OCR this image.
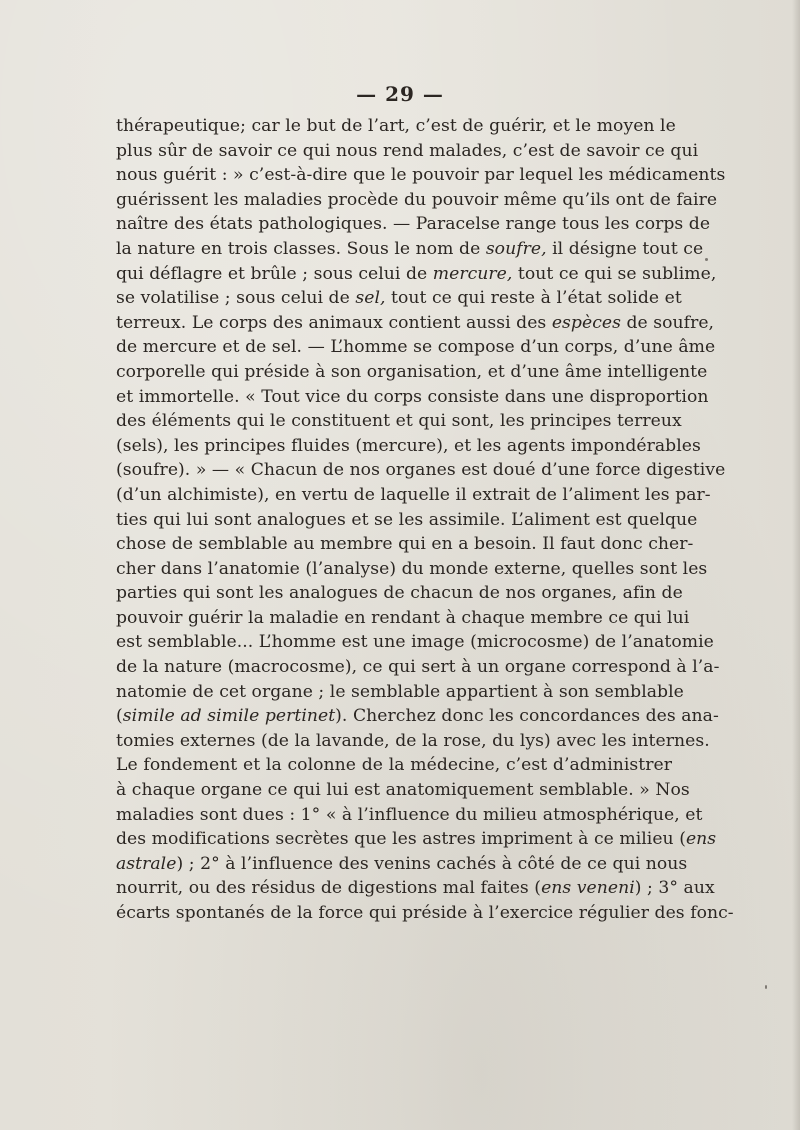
— 29 —
thérapeutique; car le but de l’art, c’est de guérir, et le moyen le
plus sûr de savoir ce qui nous rend malades, c’est de savoir ce qui
nous guérit : » c’est-à-dire que le pouvoir par lequel les médicaments
guérissent les maladies procède du pouvoir même qu’ils ont de faire
naître des états pathologiques. — Paracelse range tous les corps de
la nature en trois classes. Sous le nom de soufre, il désigne tout ce
qui déflagre et brûle ; sous celui de mercure, tout ce qui se sublime,
se volatilise ; sous celui de sel, tout ce qui reste à l’état solide et
terreux. Le corps des animaux contient aussi des espèces de soufre,
de mercure et de sel. — L’homme se compose d’un corps, d’une âme
corporelle qui préside à son organisation, et d’une âme intelligente
et immortelle. « Tout vice du corps consiste dans une disproportion
des éléments qui le constituent et qui sont, les principes terreux
(sels), les principes fluides (mercure), et les agents impondérables
(soufre). » — « Chacun de nos organes est doué d’une force digestive
(d’un alchimiste), en vertu de laquelle il extrait de l’aliment les par-
ties qui lui sont analogues et se les assimile. L’aliment est quelque
chose de semblable au membre qui en a besoin. Il faut donc cher-
cher dans l’anatomie (l’analyse) du monde externe, quelles sont les
parties qui sont les analogues de chacun de nos organes, afin de
pouvoir guérir la maladie en rendant à chaque membre ce qui lui
est semblable... L’homme est une image (microcosme) de l’anatomie
de la nature (macrocosme), ce qui sert à un organe correspond à l’a-
natomie de cet organe ; le semblable appartient à son semblable
(simile ad simile pertinet). Cherchez donc les concordances des ana-
tomies externes (de la lavande, de la rose, du lys) avec les internes.
Le fondement et la colonne de la médecine, c’est d’administrer
à chaque organe ce qui lui est anatomiquement semblable. » Nos
maladies sont dues : 1° « à l’influence du milieu atmosphérique, et
des modifications secrètes que les astres impriment à ce milieu (ens
astrale) ; 2° à l’influence des venins cachés à côté de ce qui nous
nourrit, ou des résidus de digestions mal faites (ens veneni) ; 3° aux
écarts spontanés de la force qui préside à l’exercice régulier des fonc-
